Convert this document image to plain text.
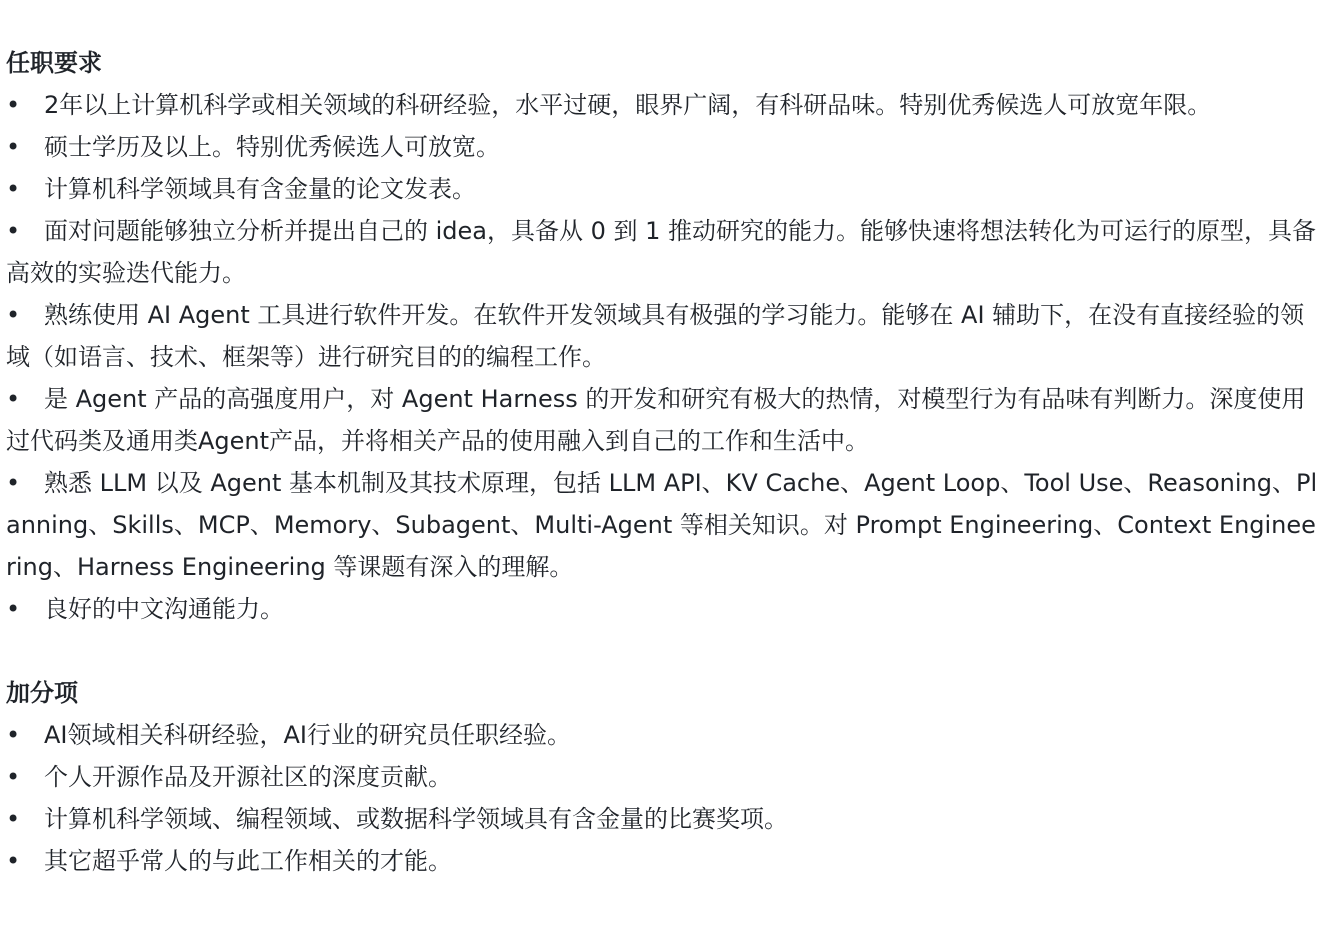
任职要求
• 2年以上计算机科学或相关领域的科研经验，水平过硬，眼界广阔，有科研品味。特别优秀候选人可放宽年限。
• 硕士学历及以上。特别优秀候选人可放宽。
• 计算机科学领域具有含金量的论文发表。
• 面对问题能够独立分析并提出自己的 idea，具备从 0 到 1 推动研究的能力。能够快速将想法转化为可运行的原型，具备高效的实验迭代能力。
• 熟练使用 AI Agent 工具进行软件开发。在软件开发领域具有极强的学习能力。能够在 AI 辅助下，在没有直接经验的领域（如语言、技术、框架等）进行研究目的的编程工作。
• 是 Agent 产品的高强度用户，对 Agent Harness 的开发和研究有极大的热情，对模型行为有品味有判断力。深度使用过代码类及通用类Agent产品，并将相关产品的使用融入到自己的工作和生活中。
• 熟悉 LLM 以及 Agent 基本机制及其技术原理，包括 LLM API、KV Cache、Agent Loop、Tool Use、Reasoning、Planning、Skills、MCP、Memory、Subagent、Multi-Agent 等相关知识。对 Prompt Engineering、Context Engineering、Harness Engineering 等课题有深入的理解。
• 良好的中文沟通能力。
加分项
• AI领域相关科研经验，AI行业的研究员任职经验。
• 个人开源作品及开源社区的深度贡献。
• 计算机科学领域、编程领域、或数据科学领域具有含金量的比赛奖项。
• 其它超乎常人的与此工作相关的才能。
